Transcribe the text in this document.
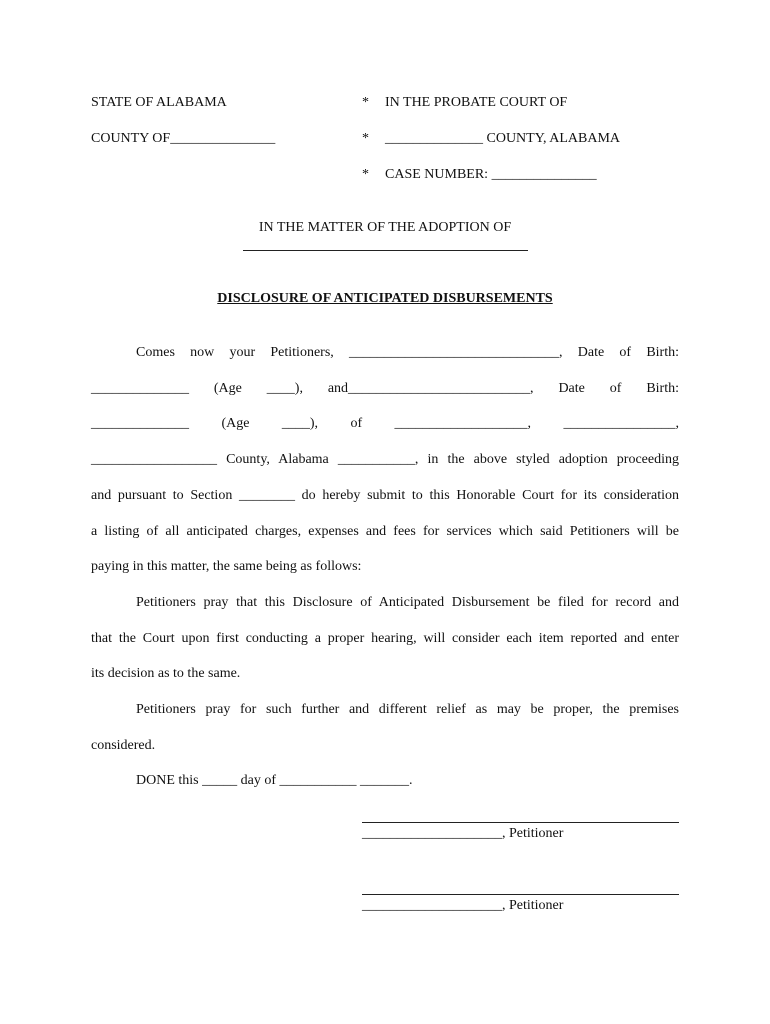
STATE OF ALABAMA
COUNTY OF_______________
*
*
*
IN THE PROBATE COURT OF
______________ COUNTY, ALABAMA
CASE NUMBER: _______________
IN THE MATTER OF THE ADOPTION OF
DISCLOSURE OF ANTICIPATED DISBURSEMENTS
Comes now your Petitioners, ______________________________, Date of Birth:
______________ (Age ____), and__________________________, Date of Birth:
______________ (Age ____), of ___________________, ________________,
__________________ County, Alabama ___________, in the above styled adoption proceeding
and pursuant to Section ________ do hereby submit to this Honorable Court for its consideration
a listing of all anticipated charges, expenses and fees for services which said Petitioners will be
paying in this matter, the same being as follows:
Petitioners pray that this Disclosure of Anticipated Disbursement be filed for record and
that the Court upon first conducting a proper hearing, will consider each item reported and enter
its decision as to the same.
Petitioners pray for such further and different relief as may be proper, the premises
considered.
DONE this _____ day of ___________ _______.
____________________, Petitioner
____________________, Petitioner
